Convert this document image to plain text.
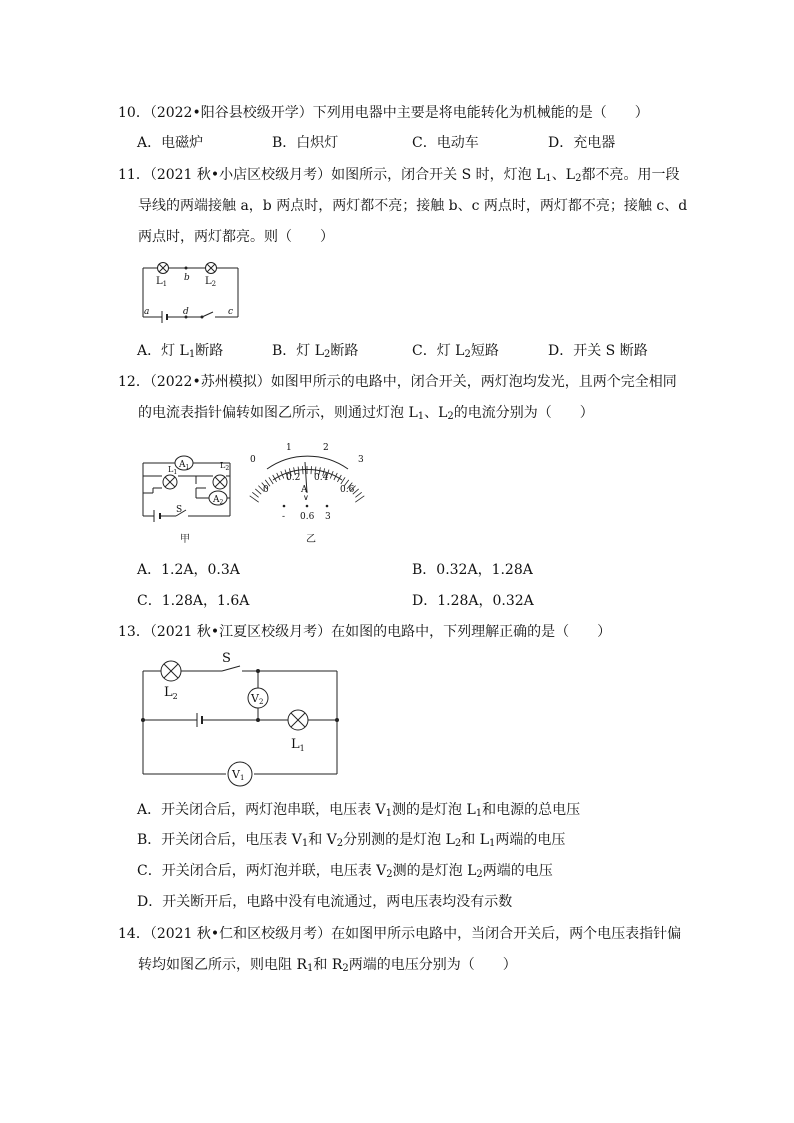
10．（2022•阳谷县校级开学）下列用电器中主要是将电能转化为机械能的是（　　）
A．电磁炉	B．白炽灯	C．电动车	D．充电器
11．（2021 秋•小店区校级月考）如图所示，闭合开关 S 时，灯泡 $L_1$、$L_2$都不亮。用一段
导线的两端接触 a，b 两点时，两灯都不亮；接触 b、c 两点时，两灯都不亮；接触 c、d
两点时，两灯都亮。则（　　）
$L_1$	$L_2$
b
a	d	c
A．灯 $L_1$断路	B．灯 $L_2$断路	C．灯 $L_2$短路	D．开关 S 断路
12．（2022•苏州模拟）如图甲所示的电路中，闭合开关，两灯泡均发光，且两个完全相同
的电流表指针偏转如图乙所示，则通过灯泡 $L_1$、$L_2$的电流分别为（　　）
$A_1$
$A_2$
$L_1$
$L_2$
S
甲
0
1	2
3
0
0.2 0.4
0.6
A
∨
- 0.6 3
乙
A．1.2A，0.3A	B．0.32A，1.28A
C．1.28A，1.6A	D．1.28A，0.32A
13．（2021 秋•江夏区校级月考）在如图的电路中，下列理解正确的是（　　）
V2
V1
S
$L_2$
$L_1$
A．开关闭合后，两灯泡串联，电压表 $V_1$测的是灯泡 $L_1$和电源的总电压
B．开关闭合后，电压表 $V_1$和 $V_2$分别测的是灯泡 $L_2$和 $L_1$两端的电压
C．开关闭合后，两灯泡并联，电压表 $V_2$测的是灯泡 $L_2$两端的电压
D．开关断开后，电路中没有电流通过，两电压表均没有示数
14．（2021 秋•仁和区校级月考）在如图甲所示电路中，当闭合开关后，两个电压表指针偏
转均如图乙所示，则电阻 $R_1$和 $R_2$两端的电压分别为（　　）
